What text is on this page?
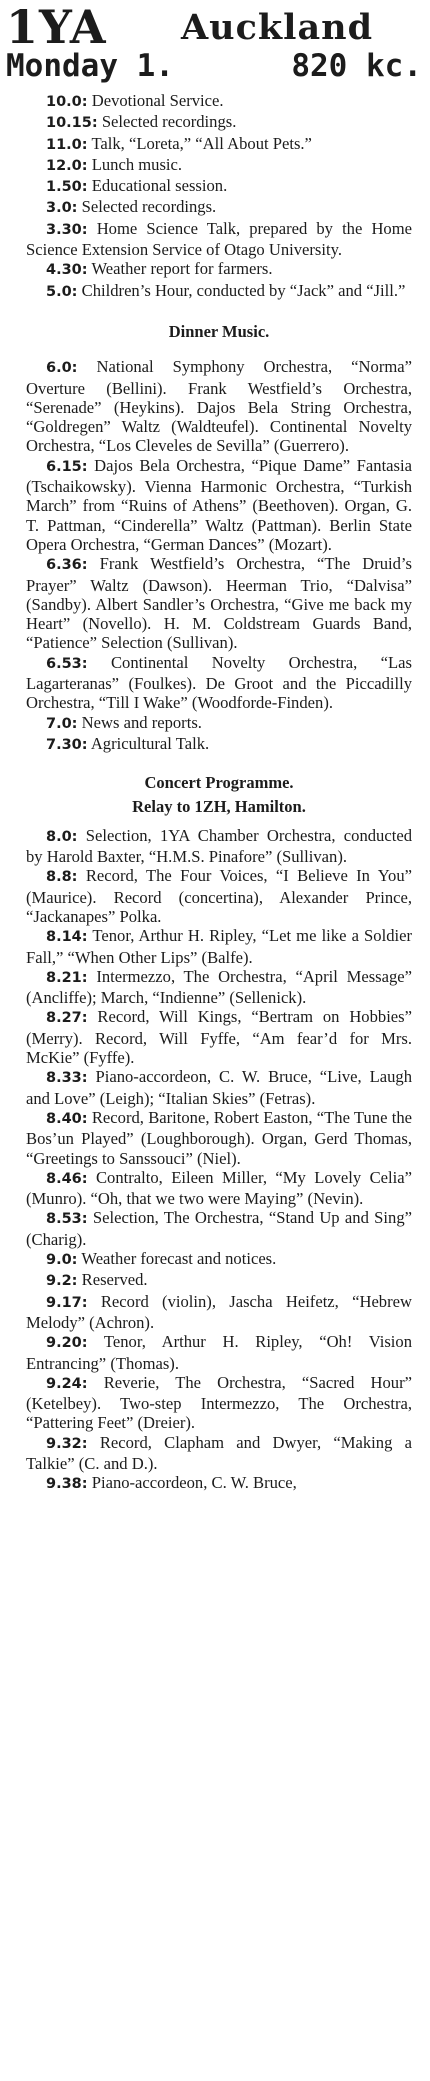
1YA Auckland
Monday 1.	820 kc.

10.0: Devotional Service.

10.15: Selected recordings.

11.0: Talk, “Loreta,” “All About Pets.”

12.0: Lunch music.

1.50: Educational session.

3.0: Selected recordings.

3.30: Home Science Talk, prepared by the Home Science Extension Service of Otago University.

4.30: Weather report for farmers.

5.0: Children’s Hour, conducted by “Jack” and “Jill.”

Dinner Music.

6.0: National Symphony Orchestra, “Norma” Overture (Bellini). Frank Westfield’s Orchestra, “Serenade” (Heykins). Dajos Bela String Orchestra, “Goldregen” Waltz (Waldteufel). Continental Novelty Orchestra, “Los Cleveles de Sevilla” (Guerrero).

6.15: Dajos Bela Orchestra, “Pique Dame” Fantasia (Tschaikowsky). Vienna Harmonic Orchestra, “Turkish March” from “Ruins of Athens” (Beethoven). Organ, G. T. Pattman, “Cinderella” Waltz (Pattman). Berlin State Opera Orchestra, “German Dances” (Mozart).

6.36: Frank Westfield’s Orchestra, “The Druid’s Prayer” Waltz (Dawson). Heerman Trio, “Dalvisa” (Sandby). Albert Sandler’s Orchestra, “Give me back my Heart” (Novello). H. M. Coldstream Guards Band, “Patience” Selection (Sullivan).

6.53: Continental Novelty Orchestra, “Las Lagarteranas” (Foulkes). De Groot and the Piccadilly Orchestra, “Till I Wake” (Woodforde-Finden).

7.0: News and reports.

7.30: Agricultural Talk.

Concert Programme.
Relay to 1ZH, Hamilton.

8.0: Selection, 1YA Chamber Orchestra, conducted by Harold Baxter, “H.M.S. Pinafore” (Sullivan).

8.8: Record, The Four Voices, “I Believe In You” (Maurice). Record (concertina), Alexander Prince, “Jackanapes” Polka.

8.14: Tenor, Arthur H. Ripley, “Let me like a Soldier Fall,” “When Other Lips” (Balfe).

8.21: Intermezzo, The Orchestra, “April Message” (Ancliffe); March, “Indienne” (Sellenick).

8.27: Record, Will Kings, “Bertram on Hobbies” (Merry). Record, Will Fyffe, “Am fear’d for Mrs. McKie” (Fyffe).

8.33: Piano-accordeon, C. W. Bruce, “Live, Laugh and Love” (Leigh); “Italian Skies” (Fetras).

8.40: Record, Baritone, Robert Easton, “The Tune the Bos’un Played” (Loughborough). Organ, Gerd Thomas, “Greetings to Sanssouci” (Niel).

8.46: Contralto, Eileen Miller, “My Lovely Celia” (Munro). “Oh, that we two were Maying” (Nevin).

8.53: Selection, The Orchestra, “Stand Up and Sing” (Charig).

9.0: Weather forecast and notices.

9.2: Reserved.

9.17: Record (violin), Jascha Heifetz, “Hebrew Melody” (Achron).

9.20: Tenor, Arthur H. Ripley, “Oh! Vision Entrancing” (Thomas).

9.24: Reverie, The Orchestra, “Sacred Hour” (Ketelbey). Two-step Intermezzo, The Orchestra, “Pattering Feet” (Dreier).

9.32: Record, Clapham and Dwyer, “Making a Talkie” (C. and D.).

9.38: Piano-accordeon, C. W. Bruce,
